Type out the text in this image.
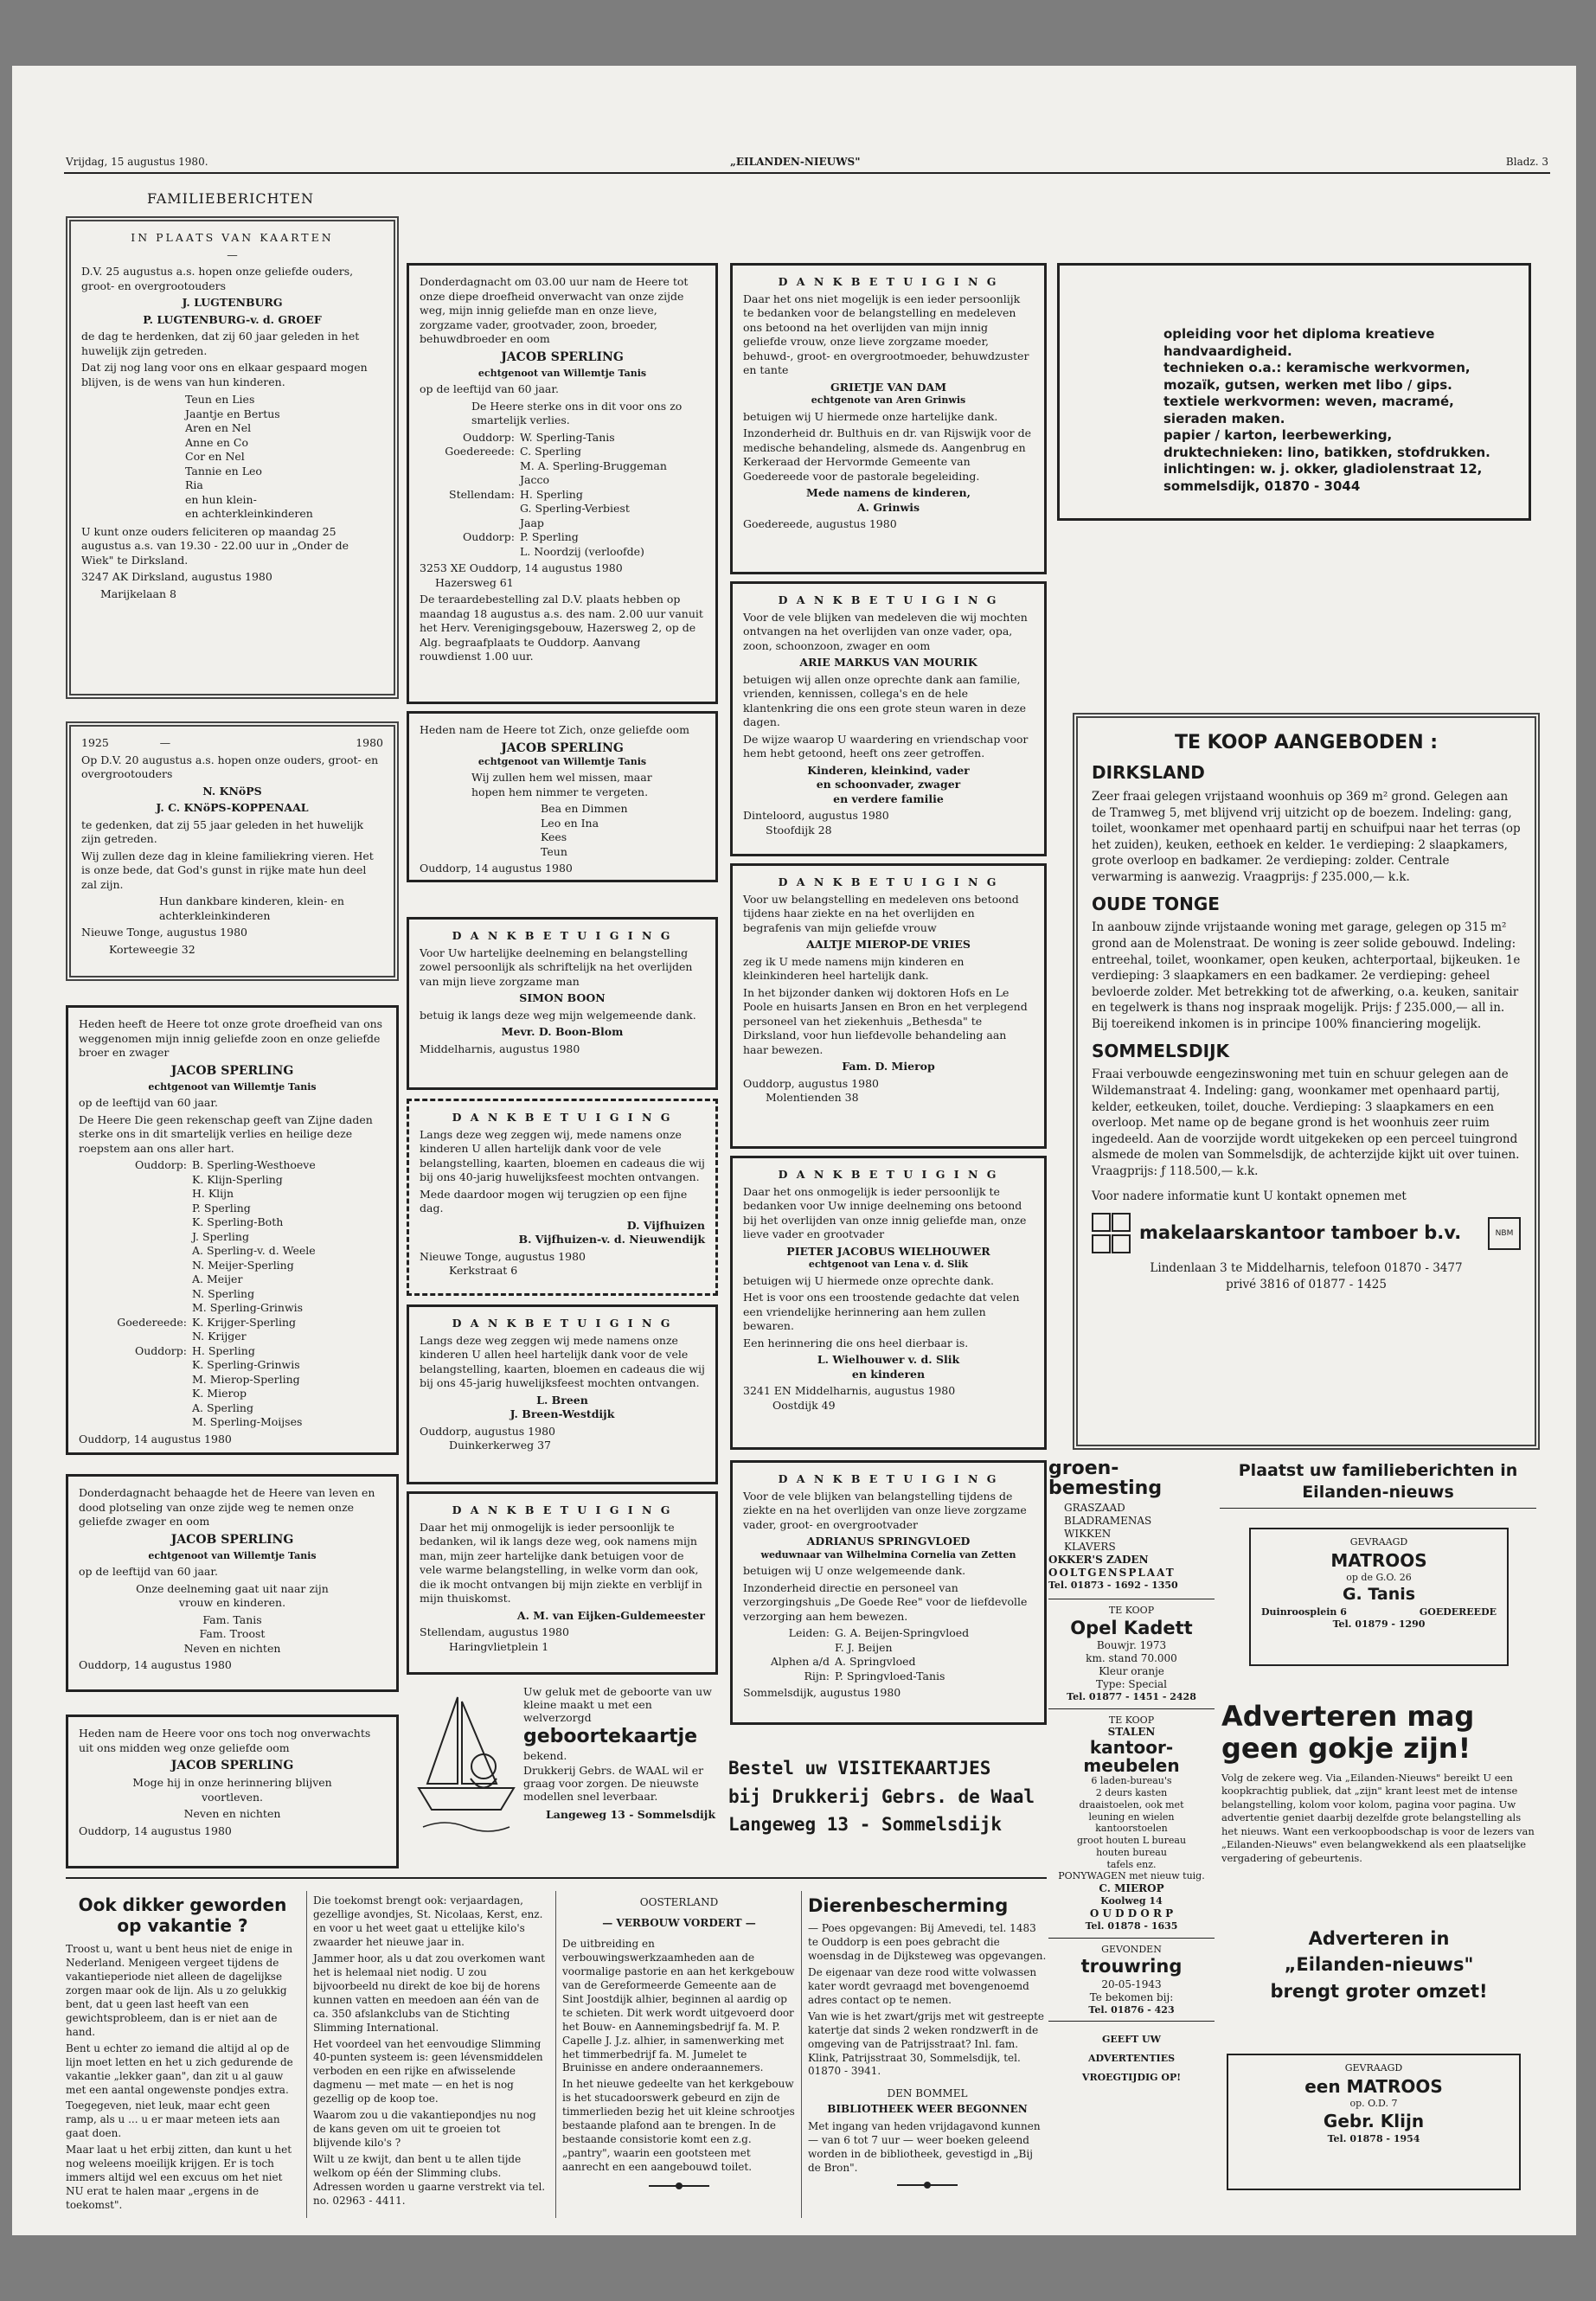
Vrijdag, 15 augustus 1980.	„EILANDEN-NIEUWS"	Bladz. 3
FAMILIEBERICHTEN

IN PLAATS VAN KAARTEN

—

D.V. 25 augustus a.s. hopen onze geliefde ouders, groot- en overgrootouders

J. LUGTENBURG

P. LUGTENBURG-v. d. GROEF

de dag te herdenken, dat zij 60 jaar geleden in het huwelijk zijn getreden.

Dat zij nog lang voor ons en elkaar gespaard mogen blijven, is de wens van hun kinderen.

Teun en Lies
Jaantje en Bertus
Aren en Nel
Anne en Co
Cor en Nel
Tannie en Leo
Ria
en hun klein-
en achterkleinkinderen

U kunt onze ouders feliciteren op maandag 25 augustus a.s. van 19.30 - 22.00 uur in „Onder de Wiek" te Dirksland.

3247 AK Dirksland, augustus 1980

Marijkelaan 8

1925	—	1980

Op D.V. 20 augustus a.s. hopen onze ouders, groot- en overgrootouders

N. KNöPS

J. C. KNöPS-KOPPENAAL

te gedenken, dat zij 55 jaar geleden in het huwelijk zijn getreden.

Wij zullen deze dag in kleine familiekring vieren. Het is onze bede, dat God's gunst in rijke mate hun deel zal zijn.

Hun dankbare kinderen, klein- en achterkleinkinderen

Nieuwe Tonge, augustus 1980

Korteweegie 32

Heden heeft de Heere tot onze grote droefheid van ons weggenomen mijn innig geliefde zoon en onze geliefde broer en zwager

JACOB SPERLING

echtgenoot van Willemtje Tanis

op de leeftijd van 60 jaar.

De Heere Die geen rekenschap geeft van Zijne daden sterke ons in dit smartelijk verlies en heilige deze roepstem aan ons aller hart.

Ouddorp: B. Sperling-Westhoeve
K. Klijn-Sperling
H. Klijn
P. Sperling
K. Sperling-Both
J. Sperling
A. Sperling-v. d. Weele
N. Meijer-Sperling
A. Meijer
N. Sperling
M. Sperling-Grinwis
Goedereede: K. Krijger-Sperling
N. Krijger
Ouddorp: H. Sperling
K. Sperling-Grinwis
M. Mierop-Sperling
K. Mierop
A. Sperling
M. Sperling-Moijses

Ouddorp, 14 augustus 1980

Donderdagnacht behaagde het de Heere van leven en dood plotseling van onze zijde weg te nemen onze geliefde zwager en oom

JACOB SPERLING

echtgenoot van Willemtje Tanis

op de leeftijd van 60 jaar.

Onze deelneming gaat uit naar zijn vrouw en kinderen.

Fam. Tanis

Fam. Troost

Neven en nichten

Ouddorp, 14 augustus 1980

Heden nam de Heere voor ons toch nog onverwachts uit ons midden weg onze geliefde oom

JACOB SPERLING

Moge hij in onze herinnering blijven voortleven.

Neven en nichten

Ouddorp, 14 augustus 1980

Donderdagnacht om 03.00 uur nam de Heere tot onze diepe droefheid onverwacht van onze zijde weg, mijn innig geliefde man en onze lieve, zorgzame vader, grootvader, zoon, broeder, behuwdbroeder en oom

JACOB SPERLING

echtgenoot van Willemtje Tanis

op de leeftijd van 60 jaar.

De Heere sterke ons in dit voor ons zo smartelijk verlies.

Ouddorp: W. Sperling-Tanis
Goedereede: C. Sperling
M. A. Sperling-Bruggeman
Jacco
Stellendam: H. Sperling
G. Sperling-Verbiest
Jaap
Ouddorp: P. Sperling
L. Noordzij (verloofde)

3253 XE Ouddorp, 14 augustus 1980

Hazersweg 61

De teraardebestelling zal D.V. plaats hebben op maandag 18 augustus a.s. des nam. 2.00 uur vanuit het Herv. Verenigingsgebouw, Hazersweg 2, op de Alg. begraafplaats te Ouddorp. Aanvang rouwdienst 1.00 uur.

Heden nam de Heere tot Zich, onze geliefde oom

JACOB SPERLING

echtgenoot van Willemtje Tanis

Wij zullen hem wel missen, maar hopen hem nimmer te vergeten.

Bea en Dimmen
Leo en Ina
Kees
Teun

Ouddorp, 14 augustus 1980

D A N K B E T U I G I N G

Voor Uw hartelijke deelneming en belangstelling zowel persoonlijk als schriftelijk na het overlijden van mijn lieve zorgzame man

SIMON BOON

betuig ik langs deze weg mijn welgemeende dank.

Mevr. D. Boon-Blom

Middelharnis, augustus 1980

D A N K B E T U I G I N G

Langs deze weg zeggen wij, mede namens onze kinderen U allen hartelijk dank voor de vele belangstelling, kaarten, bloemen en cadeaus die wij bij ons 40-jarig huwelijksfeest mochten ontvangen.

Mede daardoor mogen wij terugzien op een fijne dag.

D. Vijfhuizen

B. Vijfhuizen-v. d. Nieuwendijk

Nieuwe Tonge, augustus 1980

Kerkstraat 6

D A N K B E T U I G I N G

Langs deze weg zeggen wij mede namens onze kinderen U allen heel hartelijk dank voor de vele belangstelling, kaarten, bloemen en cadeaus die wij bij ons 45-jarig huwelijksfeest mochten ontvangen.

L. Breen

J. Breen-Westdijk

Ouddorp, augustus 1980

Duinkerkerweg 37

D A N K B E T U I G I N G

Daar het mij onmogelijk is ieder persoonlijk te bedanken, wil ik langs deze weg, ook namens mijn man, mijn zeer hartelijke dank betuigen voor de vele warme belangstelling, in welke vorm dan ook, die ik mocht ontvangen bij mijn ziekte en verblijf in mijn thuiskomst.

A. M. van Eijken-Guldemeester

Stellendam, augustus 1980

Haringvlietplein 1

Uw geluk met de geboorte van uw kleine maakt u met een welverzorgd

geboortekaartje

bekend.

Drukkerij Gebrs. de WAAL wil er graag voor zorgen. De nieuwste modellen snel leverbaar.

Langeweg 13 - Sommelsdijk

D A N K B E T U I G I N G

Daar het ons niet mogelijk is een ieder persoonlijk te bedanken voor de belangstelling en medeleven ons betoond na het overlijden van mijn innig geliefde vrouw, onze lieve zorgzame moeder, behuwd-, groot- en overgrootmoeder, behuwdzuster en tante

GRIETJE VAN DAM

echtgenote van Aren Grinwis

betuigen wij U hiermede onze hartelijke dank.

Inzonderheid dr. Bulthuis en dr. van Rijswijk voor de medische behandeling, alsmede ds. Aangenbrug en Kerkeraad der Hervormde Gemeente van Goedereede voor de pastorale begeleiding.

Mede namens de kinderen,

A. Grinwis

Goedereede, augustus 1980

D A N K B E T U I G I N G

Voor de vele blijken van medeleven die wij mochten ontvangen na het overlijden van onze vader, opa, zoon, schoonzoon, zwager en oom

ARIE MARKUS VAN MOURIK

betuigen wij allen onze oprechte dank aan familie, vrienden, kennissen, collega's en de hele klantenkring die ons een grote steun waren in deze dagen.

De wijze waarop U waardering en vriendschap voor hem hebt getoond, heeft ons zeer getroffen.

Kinderen, kleinkind, vader

en schoonvader, zwager

en verdere familie

Dinteloord, augustus 1980

Stoofdijk 28

D A N K B E T U I G I N G

Voor uw belangstelling en medeleven ons betoond tijdens haar ziekte en na het overlijden en begrafenis van mijn geliefde vrouw

AALTJE MIEROP-DE VRIES

zeg ik U mede namens mijn kinderen en kleinkinderen heel hartelijk dank.

In het bijzonder danken wij doktoren Hofs en Le Poole en huisarts Jansen en Bron en het verplegend personeel van het ziekenhuis „Bethesda" te Dirksland, voor hun liefdevolle behandeling aan haar bewezen.

Fam. D. Mierop

Ouddorp, augustus 1980

Molentienden 38

D A N K B E T U I G I N G

Daar het ons onmogelijk is ieder persoonlijk te bedanken voor Uw innige deelneming ons betoond bij het overlijden van onze innig geliefde man, onze lieve vader en grootvader

PIETER JACOBUS WIELHOUWER

echtgenoot van Lena v. d. Slik

betuigen wij U hiermede onze oprechte dank.

Het is voor ons een troostende gedachte dat velen een vriendelijke herinnering aan hem zullen bewaren.

Een herinnering die ons heel dierbaar is.

L. Wielhouwer v. d. Slik

en kinderen

3241 EN Middelharnis, augustus 1980

Oostdijk 49

D A N K B E T U I G I N G

Voor de vele blijken van belangstelling tijdens de ziekte en na het overlijden van onze lieve zorgzame vader, groot- en overgrootvader

ADRIANUS SPRINGVLOED

weduwnaar van Wilhelmina Cornelia van Zetten

betuigen wij U onze welgemeende dank.

Inzonderheid directie en personeel van verzorgingshuis „De Goede Ree" voor de liefdevolle verzorging aan hem bewezen.

Leiden: G. A. Beijen-Springvloed
F. J. Beijen
Alphen a/d Rijn:
A. Springvloed
P. Springvloed-Tanis

Sommelsdijk, augustus 1980

Bestel uw VISITEKAARTJES
bij Drukkerij Gebrs. de Waal
Langeweg 13 - Sommelsdijk
opleiding voor het diploma kreatieve handvaardigheid.
technieken o.a.: keramische werkvormen, mozaïk, gutsen, werken met libo / gips.
textiele werkvormen: weven, macramé, sieraden maken.
papier / karton, leerbewerking, druktechnieken: lino, batikken, stofdrukken.
inlichtingen: w. j. okker, gladiolenstraat 12, sommelsdijk, 01870 - 3044

TE KOOP AANGEBODEN :

DIRKSLAND

Zeer fraai gelegen vrijstaand woonhuis op 369 m² grond. Gelegen aan de Tramweg 5, met blijvend vrij uitzicht op de boezem. Indeling: gang, toilet, woonkamer met openhaard partij en schuifpui naar het terras (op het zuiden), keuken, eethoek en kelder. 1e verdieping: 2 slaapkamers, grote overloop en badkamer. 2e verdieping: zolder. Centrale verwarming is aanwezig. Vraagprijs: ƒ 235.000,— k.k.

OUDE TONGE

In aanbouw zijnde vrijstaande woning met garage, gelegen op 315 m² grond aan de Molenstraat. De woning is zeer solide gebouwd. Indeling: entreehal, toilet, woonkamer, open keuken, achterportaal, bijkeuken. 1e verdieping: 3 slaapkamers en een badkamer. 2e verdieping: geheel bevloerde zolder. Met betrekking tot de afwerking, o.a. keuken, sanitair en tegelwerk is thans nog inspraak mogelijk. Prijs: ƒ 235.000,— all in. Bij toereikend inkomen is in principe 100% financiering mogelijk.

SOMMELSDIJK

Fraai verbouwde eengezinswoning met tuin en schuur gelegen aan de Wildemanstraat 4. Indeling: gang, woonkamer met openhaard partij, kelder, eetkeuken, toilet, douche. Verdieping: 3 slaapkamers en een overloop. Met name op de begane grond is het woonhuis zeer ruim ingedeeld. Aan de voorzijde wordt uitgekeken op een perceel tuingrond alsmede de molen van Sommelsdijk, de achterzijde kijkt uit over tuinen. Vraagprijs: ƒ 118.500,— k.k.

Voor nadere informatie kunt U kontakt opnemen met

makelaarskantoor tamboer b.v.	NBM

Lindenlaan 3 te Middelharnis, telefoon 01870 - 3477

privé 3816 of 01877 - 1425

groen-
bemesting
GRASZAAD
BLADRAMENAS
WIKKEN
KLAVERS
OKKER'S ZADEN
OOLTGENSPLAAT
Tel. 01873 - 1692 - 1350
TE KOOP
Opel Kadett
Bouwjr. 1973
km. stand 70.000
Kleur oranje
Type: Special
Tel. 01877 - 1451 - 2428
TE KOOP
STALEN
kantoor-
meubelen
6 laden-bureau's
2 deurs kasten
draaistoelen, ook met
leuning en wielen
kantoorstoelen
groot houten L bureau
houten bureau
tafels enz.
PONYWAGEN met nieuw tuig.
C. MIEROP
Koolweg 14
O U D D O R P
Tel. 01878 - 1635
GEVONDEN
trouwring
20-05-1943
Te bekomen bij:
Tel. 01876 - 423
GEEFT UW
ADVERTENTIES
VROEGTIJDIG OP!
Plaatst uw familieberichten in Eilanden-nieuws
GEVRAAGD
MATROOS
op de G.O. 26
G. Tanis
Duinroosplein 6	GOEDEREEDE
Tel. 01879 - 1290
Adverteren mag geen gokje zijn!

Volg de zekere weg. Via „Eilanden-Nieuws" bereikt U een koopkrachtig publiek, dat „zijn" krant leest met de intense belangstelling, kolom voor kolom, pagina voor pagina. Uw advertentie geniet daarbij dezelfde grote belangstelling als het nieuws. Want een verkoopboodschap is voor de lezers van „Eilanden-Nieuws" even belangwekkend als een plaatselijke vergadering of gebeurtenis.

Adverteren in
„Eilanden-nieuws"
brengt groter omzet!
GEVRAAGD
een MATROOS
op. O.D. 7
Gebr. Klijn
Tel. 01878 - 1954
Ook dikker geworden op vakantie ?

Troost u, want u bent heus niet de enige in Nederland. Menigeen vergeet tijdens de vakantieperiode niet alleen de dagelijkse zorgen maar ook de lijn. Als u zo gelukkig bent, dat u geen last heeft van een gewichtsprobleem, dan is er niet aan de hand.

Bent u echter zo iemand die altijd al op de lijn moet letten en het u zich gedurende de vakantie „lekker gaan", dan zit u al gauw met een aantal ongewenste pondjes extra.

Toegegeven, niet leuk, maar echt geen ramp, als u ... u er maar meteen iets aan gaat doen.

Maar laat u het erbij zitten, dan kunt u het nog weleens moeilijk krijgen. Er is toch immers altijd wel een excuus om het niet NU erat te halen maar „ergens in de toekomst".

Die toekomst brengt ook: verjaardagen, gezellige avondjes, St. Nicolaas, Kerst, enz. en voor u het weet gaat u ettelijke kilo's zwaarder het nieuwe jaar in.

Jammer hoor, als u dat zou overkomen want het is helemaal niet nodig. U zou bijvoorbeeld nu direkt de koe bij de horens kunnen vatten en meedoen aan één van de ca. 350 afslankclubs van de Stichting Slimming International.

Het voordeel van het eenvoudige Slimming 40-punten systeem is: geen lévensmiddelen verboden en een rijke en afwisselende dagmenu — met mate — en het is nog gezellig op de koop toe.

Waarom zou u die vakantiepondjes nu nog de kans geven om uit te groeien tot blijvende kilo's ?

Wilt u ze kwijt, dan bent u te allen tijde welkom op één der Slimming clubs. Adressen worden u gaarne verstrekt via tel. no. 02963 - 4411.

OOSTERLAND
— VERBOUW VORDERT —

De uitbreiding en verbouwingswerkzaamheden aan de voormalige pastorie en aan het kerkgebouw van de Gereformeerde Gemeente aan de Sint Joostdijk alhier, beginnen al aardig op te schieten. Dit werk wordt uitgevoerd door het Bouw- en Aannemingsbedrijf fa. M. P. Capelle J. J.z. alhier, in samenwerking met het timmerbedrijf fa. M. Jumelet te Bruinisse en andere onderaannemers.

In het nieuwe gedeelte van het kerkgebouw is het stucadoorswerk gebeurd en zijn de timmerlieden bezig het uit kleine schrootjes bestaande plafond aan te brengen. In de bestaande consistorie komt een z.g. „pantry", waarin een gootsteen met aanrecht en een aangebouwd toilet.

Dierenbescherming

— Poes opgevangen: Bij Amevedi, tel. 1483 te Ouddorp is een poes gebracht die woensdag in de Dijksteweg was opgevangen.

De eigenaar van deze rood witte volwassen kater wordt gevraagd met bovengenoemd adres contact op te nemen.

Van wie is het zwart/grijs met wit gestreepte katertje dat sinds 2 weken rondzwerft in de omgeving van de Patrijsstraat? Inl. fam. Klink, Patrijsstraat 30, Sommelsdijk, tel. 01870 - 3941.

DEN BOMMEL
BIBLIOTHEEK WEER BEGONNEN

Met ingang van heden vrijdagavond kunnen — van 6 tot 7 uur — weer boeken geleend worden in de bibliotheek, gevestigd in „Bij de Bron".
